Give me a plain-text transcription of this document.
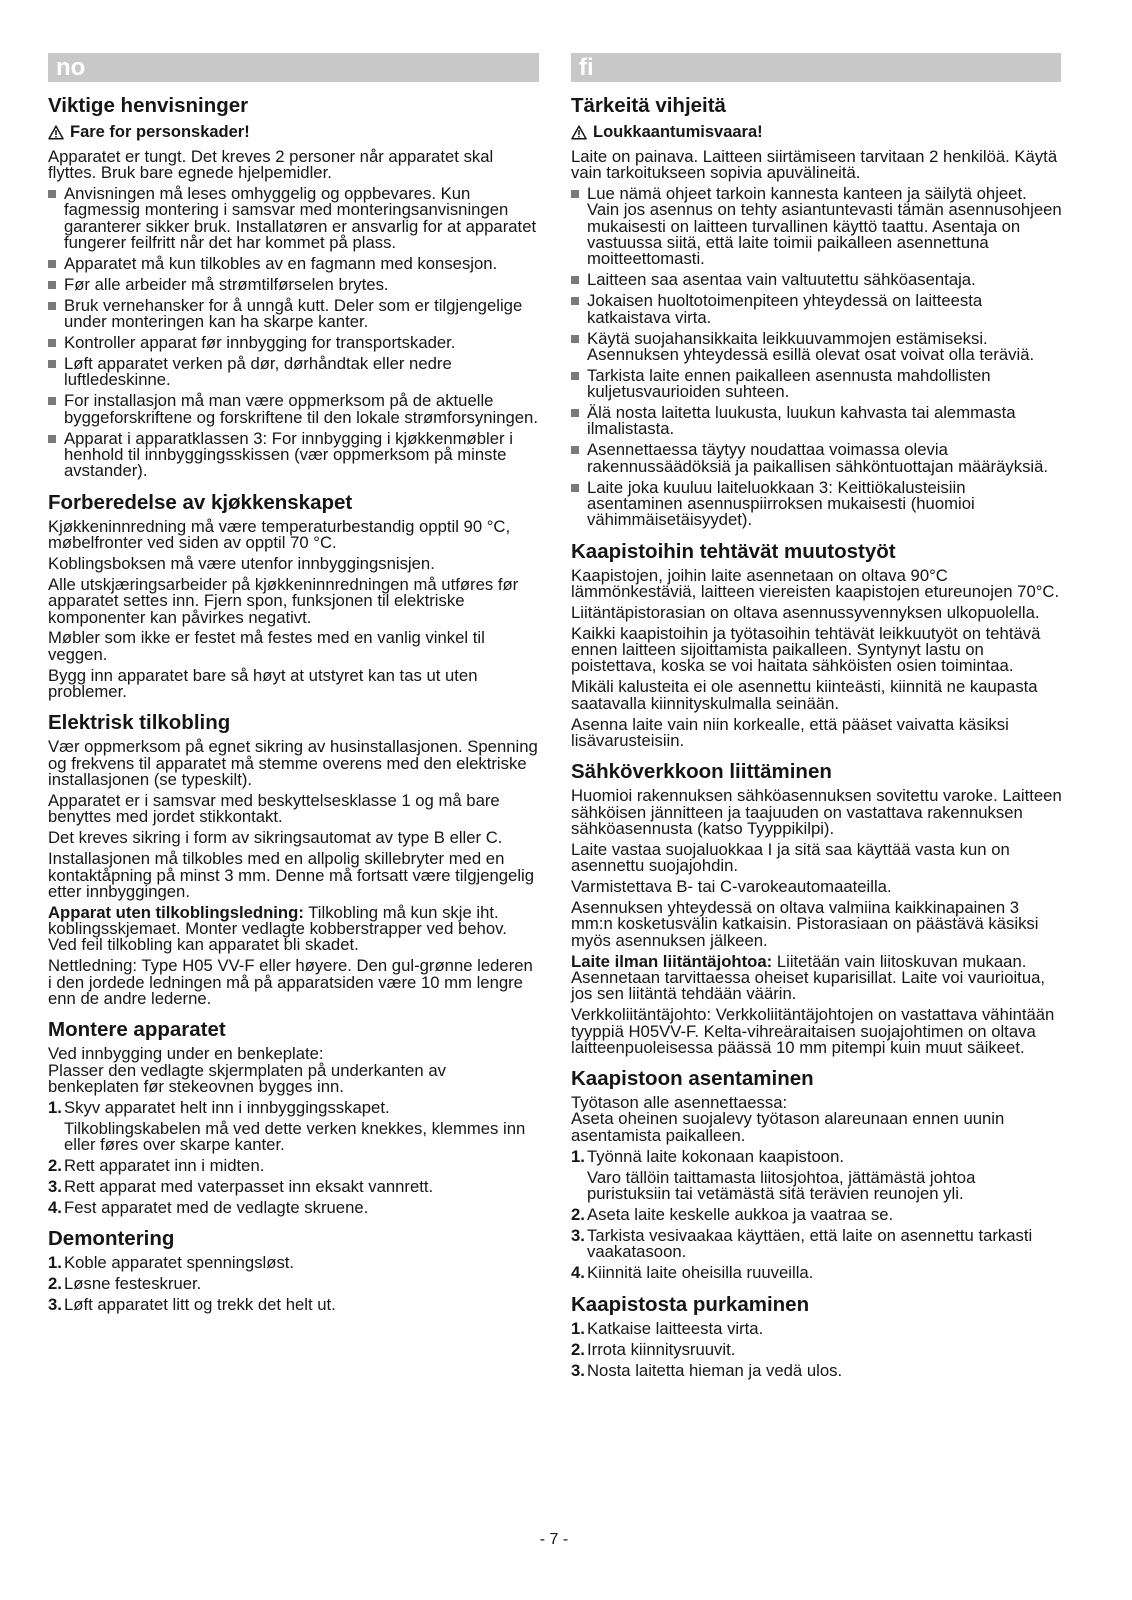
no	fi
Viktige henvisninger
Fare for personskader!

Apparatet er tungt. Det kreves 2 personer når apparatet skal flyttes. Bruk bare egnede hjelpemidler.

Anvisningen må leses omhyggelig og oppbevares. Kun fagmessig montering i samsvar med monteringsanvisningen garanterer sikker bruk. Installatøren er ansvarlig for at apparatet fungerer feilfritt når det har kommet på plass.
Apparatet må kun tilkobles av en fagmann med konsesjon.
Før alle arbeider må strømtilførselen brytes.
Bruk vernehansker for å unngå kutt. Deler som er tilgjengelige under monteringen kan ha skarpe kanter.
Kontroller apparat før innbygging for transportskader.
Løft apparatet verken på dør, dørhåndtak eller nedre luftledeskinne.
For installasjon må man være oppmerksom på de aktuelle byggeforskriftene og forskriftene til den lokale strømforsyningen.
Apparat i apparatklassen 3: For innbygging i kjøkkenmøbler i henhold til innbyggingsskissen (vær oppmerksom på minste avstander).
Forberedelse av kjøkkenskapet

Kjøkkeninnredning må være temperaturbestandig opptil 90 °C, møbelfronter ved siden av opptil 70 °C.

Koblingsboksen må være utenfor innbyggingsnisjen.

Alle utskjæringsarbeider på kjøkkeninnredningen må utføres før apparatet settes inn. Fjern spon, funksjonen til elektriske komponenter kan påvirkes negativt.

Møbler som ikke er festet må festes med en vanlig vinkel til veggen.

Bygg inn apparatet bare så høyt at utstyret kan tas ut uten problemer.

Elektrisk tilkobling

Vær oppmerksom på egnet sikring av husinstallasjonen. Spenning og frekvens til apparatet må stemme overens med den elektriske installasjonen (se typeskilt).

Apparatet er i samsvar med beskyttelsesklasse 1 og må bare benyttes med jordet stikkontakt.

Det kreves sikring i form av sikringsautomat av type B eller C.

Installasjonen må tilkobles med en allpolig skillebryter med en kontaktåpning på minst 3 mm. Denne må fortsatt være tilgjengelig etter innbyggingen.

Apparat uten tilkoblingsledning: Tilkobling må kun skje iht. koblingsskjemaet. Monter vedlagte kobberstrapper ved behov. Ved feil tilkobling kan apparatet bli skadet.

Nettledning: Type H05 VV-F eller høyere. Den gul-grønne lederen i den jordede ledningen må på apparatsiden være 10 mm lengre enn de andre lederne.

Montere apparatet

Ved innbygging under en benkeplate:
Plasser den vedlagte skjermplaten på underkanten av benkeplaten før stekeovnen bygges inn.

1. Skyv apparatet helt inn i innbyggingsskapet.
Tilkoblingskabelen må ved dette verken knekkes, klemmes inn eller føres over skarpe kanter.
2. Rett apparatet inn i midten.
3. Rett apparat med vaterpasset inn eksakt vannrett.
4. Fest apparatet med de vedlagte skruene.
Demontering
1. Koble apparatet spenningsløst.
2. Løsne festeskruer.
3. Løft apparatet litt og trekk det helt ut.
Tärkeitä vihjeitä
Loukkaantumisvaara!

Laite on painava. Laitteen siirtämiseen tarvitaan 2 henkilöä. Käytä vain tarkoitukseen sopivia apuvälineitä.

Lue nämä ohjeet tarkoin kannesta kanteen ja säilytä ohjeet. Vain jos asennus on tehty asiantuntevasti tämän asennusohjeen mukaisesti on laitteen turvallinen käyttö taattu. Asentaja on vastuussa siitä, että laite toimii paikalleen asennettuna moitteettomasti.
Laitteen saa asentaa vain valtuutettu sähköasentaja.
Jokaisen huoltotoimenpiteen yhteydessä on laitteesta katkaistava virta.
Käytä suojahansikkaita leikkuuvammojen estämiseksi. Asennuksen yhteydessä esillä olevat osat voivat olla teräviä.
Tarkista laite ennen paikalleen asennusta mahdollisten kuljetusvaurioiden suhteen.
Älä nosta laitetta luukusta, luukun kahvasta tai alemmasta ilmalistasta.
Asennettaessa täytyy noudattaa voimassa olevia rakennussäädöksiä ja paikallisen sähköntuottajan määräyksiä.
Laite joka kuuluu laiteluokkaan 3: Keittiökalusteisiin asentaminen asennuspiirroksen mukaisesti (huomioi vähimmäisetäisyydet).
Kaapistoihin tehtävät muutostyöt

Kaapistojen, joihin laite asennetaan on oltava 90°C lämmönkestäviä, laitteen viereisten kaapistojen etureunojen 70°C.

Liitäntäpistorasian on oltava asennussyvennyksen ulkopuolella.

Kaikki kaapistoihin ja työtasoihin tehtävät leikkuutyöt on tehtävä ennen laitteen sijoittamista paikalleen. Syntynyt lastu on poistettava, koska se voi haitata sähköisten osien toimintaa.

Mikäli kalusteita ei ole asennettu kiinteästi, kiinnitä ne kaupasta saatavalla kiinnityskulmalla seinään.

Asenna laite vain niin korkealle, että pääset vaivatta käsiksi lisävarusteisiin.

Sähköverkkoon liittäminen

Huomioi rakennuksen sähköasennuksen sovitettu varoke. Laitteen sähköisen jännitteen ja taajuuden on vastattava rakennuksen sähköasennusta (katso Tyyppikilpi).

Laite vastaa suojaluokkaa I ja sitä saa käyttää vasta kun on asennettu suojajohdin.

Varmistettava B- tai C-varokeautomaateilla.

Asennuksen yhteydessä on oltava valmiina kaikkinapainen 3 mm:n kosketusvälin katkaisin. Pistorasiaan on päästävä käsiksi myös asennuksen jälkeen.

Laite ilman liitäntäjohtoa: Liitetään vain liitoskuvan mukaan. Asennetaan tarvittaessa oheiset kuparisillat. Laite voi vaurioitua, jos sen liitäntä tehdään väärin.

Verkkoliitäntäjohto: Verkkoliitäntäjohtojen on vastattava vähintään tyyppiä H05VV-F. Kelta-vihreäraitaisen suojajohtimen on oltava laitteenpuoleisessa päässä 10 mm pitempi kuin muut säikeet.

Kaapistoon asentaminen

Työtason alle asennettaessa:
Aseta oheinen suojalevy työtason alareunaan ennen uunin asentamista paikalleen.

1. Työnnä laite kokonaan kaapistoon.
Varo tällöin taittamasta liitosjohtoa, jättämästä johtoa puristuksiin tai vetämästä sitä terävien reunojen yli.
2. Aseta laite keskelle aukkoa ja vaatraa se.
3. Tarkista vesivaakaa käyttäen, että laite on asennettu tarkasti vaakatasoon.
4. Kiinnitä laite oheisilla ruuveilla.
Kaapistosta purkaminen
1. Katkaise laitteesta virta.
2. Irrota kiinnitysruuvit.
3. Nosta laitetta hieman ja vedä ulos.
- 7 -
